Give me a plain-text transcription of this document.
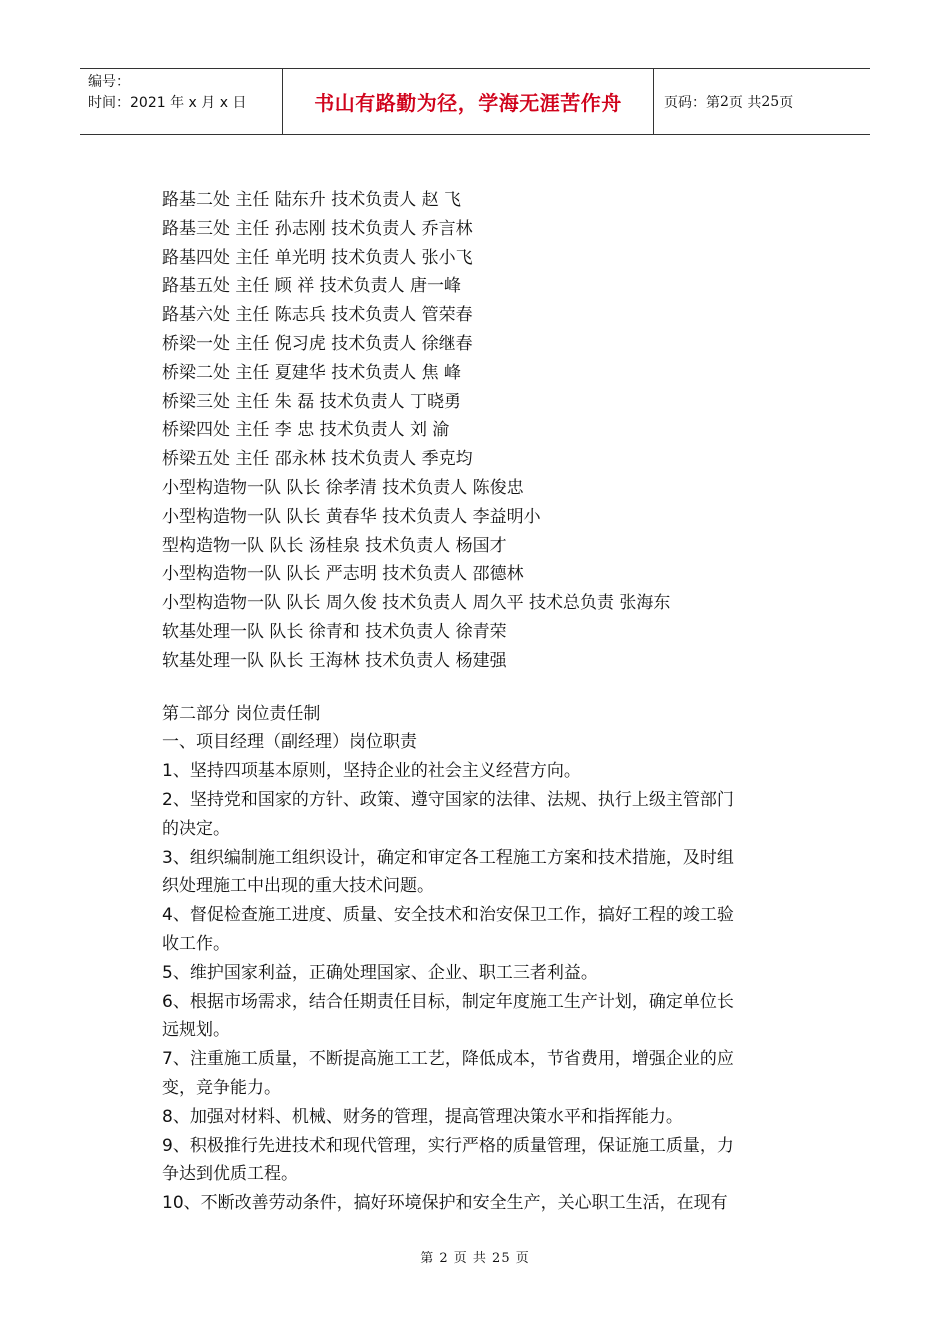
编号：
时间：2021 年 x 月 x 日	书山有路勤为径，学海无涯苦作舟	页码：第 2 页 共 25 页
路基二处 主任 陆东升 技术负责人 赵 飞
路基三处 主任 孙志刚 技术负责人 乔言林
路基四处 主任 单光明 技术负责人 张小飞
路基五处 主任 顾 祥 技术负责人 唐一峰
路基六处 主任 陈志兵 技术负责人 管荣春
桥梁一处 主任 倪习虎 技术负责人 徐继春
桥梁二处 主任 夏建华 技术负责人 焦 峰
桥梁三处 主任 朱 磊 技术负责人 丁晓勇
桥梁四处 主任 李 忠 技术负责人 刘 渝
桥梁五处 主任 邵永林 技术负责人 季克均
小型构造物一队 队长 徐孝清 技术负责人 陈俊忠
小型构造物一队 队长 黄春华 技术负责人 李益明小
型构造物一队 队长 汤桂泉 技术负责人 杨国才
小型构造物一队 队长 严志明 技术负责人 邵德林
小型构造物一队 队长 周久俊 技术负责人 周久平 技术总负责 张海东
软基处理一队 队长 徐青和 技术负责人 徐青荣
软基处理一队 队长 王海林 技术负责人 杨建强
第二部分 岗位责任制
一、项目经理（副经理）岗位职责
1、坚持四项基本原则，坚持企业的社会主义经营方向。
2、坚持党和国家的方针、政策、遵守国家的法律、法规、执行上级主管部门
的决定。
3、组织编制施工组织设计，确定和审定各工程施工方案和技术措施，及时组
织处理施工中出现的重大技术问题。
4、督促检查施工进度、质量、安全技术和治安保卫工作，搞好工程的竣工验
收工作。
5、维护国家利益，正确处理国家、企业、职工三者利益。
6、根据市场需求，结合任期责任目标，制定年度施工生产计划，确定单位长
远规划。
7、注重施工质量，不断提高施工工艺，降低成本，节省费用，增强企业的应
变，竞争能力。
8、加强对材料、机械、财务的管理，提高管理决策水平和指挥能力。
9、积极推行先进技术和现代管理，实行严格的质量管理，保证施工质量，力
争达到优质工程。
10、不断改善劳动条件，搞好环境保护和安全生产，关心职工生活，在现有
第 2 页 共 25 页
